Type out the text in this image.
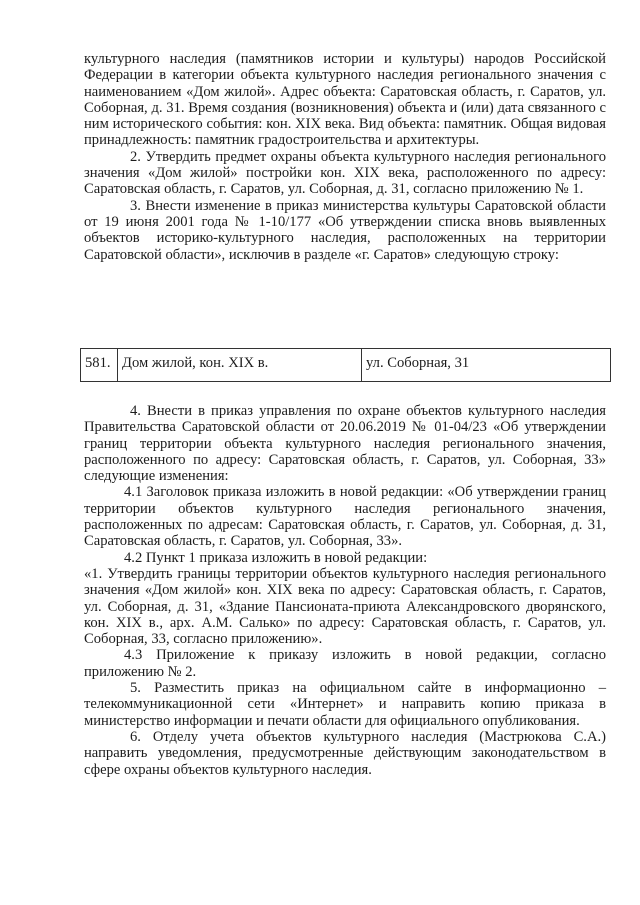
культурного наследия (памятников истории и культуры) народов Российской Федерации в категории объекта культурного наследия регионального значения с наименованием «Дом жилой». Адрес объекта: Саратовская область, г. Саратов, ул. Соборная, д. 31. Время создания (возникновения) объекта и (или) дата связанного с ним исторического события: кон. XIX века. Вид объекта: памятник. Общая видовая принадлежность: памятник градостроительства и архитектуры.

2. Утвердить предмет охраны объекта культурного наследия регионального значения «Дом жилой» постройки кон. XIX века, расположенного по адресу: Саратовская область, г. Саратов, ул. Соборная, д. 31, согласно приложению № 1.

3. Внести изменение в приказ министерства культуры Саратовской области от 19 июня 2001 года № 1-10/177 «Об утверждении списка вновь выявленных объектов историко-культурного наследия, расположенных на территории Саратовской области», исключив в разделе «г. Саратов» следующую строку:

581. Дом жилой, кон. XIX в.	ул. Соборная, 31

4. Внести в приказ управления по охране объектов культурного наследия Правительства Саратовской области от 20.06.2019 № 01-04/23 «Об утверждении границ территории объекта культурного наследия регионального значения, расположенного по адресу: Саратовская область, г. Саратов, ул. Соборная, 33» следующие изменения:

4.1 Заголовок приказа изложить в новой редакции: «Об утверждении границ территории объектов культурного наследия регионального значения, расположенных по адресам: Саратовская область, г. Саратов, ул. Соборная, д. 31, Саратовская область, г. Саратов, ул. Соборная, 33».

4.2 Пункт 1 приказа изложить в новой редакции:

«1. Утвердить границы территории объектов культурного наследия регионального значения «Дом жилой» кон. XIX века по адресу: Саратовская область, г. Саратов, ул. Соборная, д. 31, «Здание Пансионата-приюта Александровского дворянского, кон. XIX в., арх. А.М. Салько» по адресу: Саратовская область, г. Саратов, ул. Соборная, 33, согласно приложению».

4.3 Приложение к приказу изложить в новой редакции, согласно приложению № 2.

5. Разместить приказ на официальном сайте в информационно – телекоммуникационной сети «Интернет» и направить копию приказа в министерство информации и печати области для официального опубликования.

6. Отделу учета объектов культурного наследия (Мастрюкова С.А.) направить уведомления, предусмотренные действующим законодательством в сфере охраны объектов культурного наследия.
